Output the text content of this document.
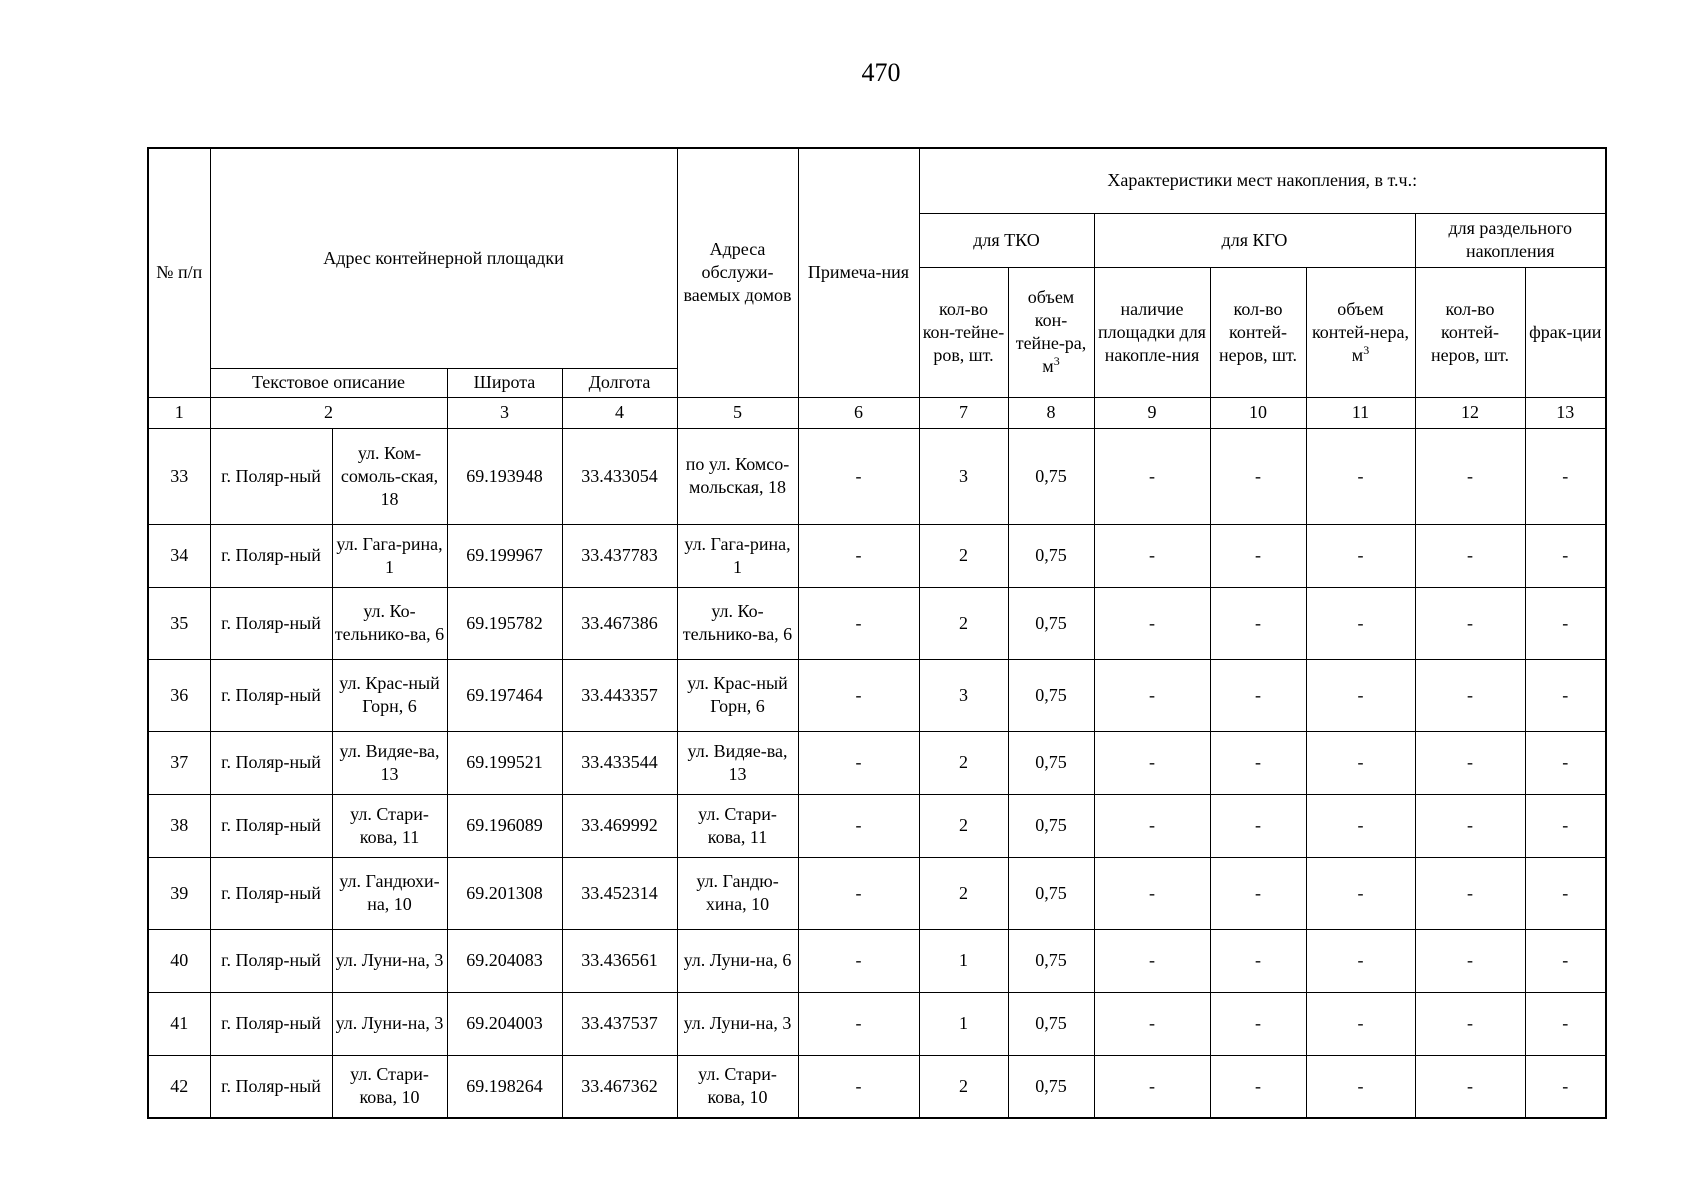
470
№ п/п	Адрес контейнерной площадки				Адреса обслужи-ваемых домов	Примеча-ния	Характеристики мест накопления, в т.ч.:						
							для ТКО		для КГО			для раздельного накопления	
							кол-во кон-тейне-ров, шт.	объем кон-тейне-ра, $м^3$	наличие площадки для накопле-ния	кол-во контей-неров, шт.	объем контей-нера, $м^3$	кол-во контей-неров, шт.	фрак-ции
	Текстовое описание		Широта	Долгота									
1	2		3	4	5	6	7	8	9	10	11	12	13
33	г. Поляр-ный	ул. Ком-сомоль-ская, 18	69.193948	33.433054	по ул. Комсо-мольская, 18	-	3	0,75	-	-	-	-	-
34	г. Поляр-ный	ул. Гага-рина, 1	69.199967	33.437783	ул. Гага-рина, 1	-	2	0,75	-	-	-	-	-
35	г. Поляр-ный	ул. Ко-тельнико-ва, 6	69.195782	33.467386	ул. Ко-тельнико-ва, 6	-	2	0,75	-	-	-	-	-
36	г. Поляр-ный	ул. Крас-ный Горн, 6	69.197464	33.443357	ул. Крас-ный Горн, 6	-	3	0,75	-	-	-	-	-
37	г. Поляр-ный	ул. Видяе-ва, 13	69.199521	33.433544	ул. Видяе-ва, 13	-	2	0,75	-	-	-	-	-
38	г. Поляр-ный	ул. Стари-кова, 11	69.196089	33.469992	ул. Стари-кова, 11	-	2	0,75	-	-	-	-	-
39	г. Поляр-ный	ул. Гандюхи-на, 10	69.201308	33.452314	ул. Гандю-хина, 10	-	2	0,75	-	-	-	-	-
40	г. Поляр-ный	ул. Луни-на, 3	69.204083	33.436561	ул. Луни-на, 6	-	1	0,75	-	-	-	-	-
41	г. Поляр-ный	ул. Луни-на, 3	69.204003	33.437537	ул. Луни-на, 3	-	1	0,75	-	-	-	-	-
42	г. Поляр-ный	ул. Стари-кова, 10	69.198264	33.467362	ул. Стари-кова, 10	-	2	0,75	-	-	-	-	-
